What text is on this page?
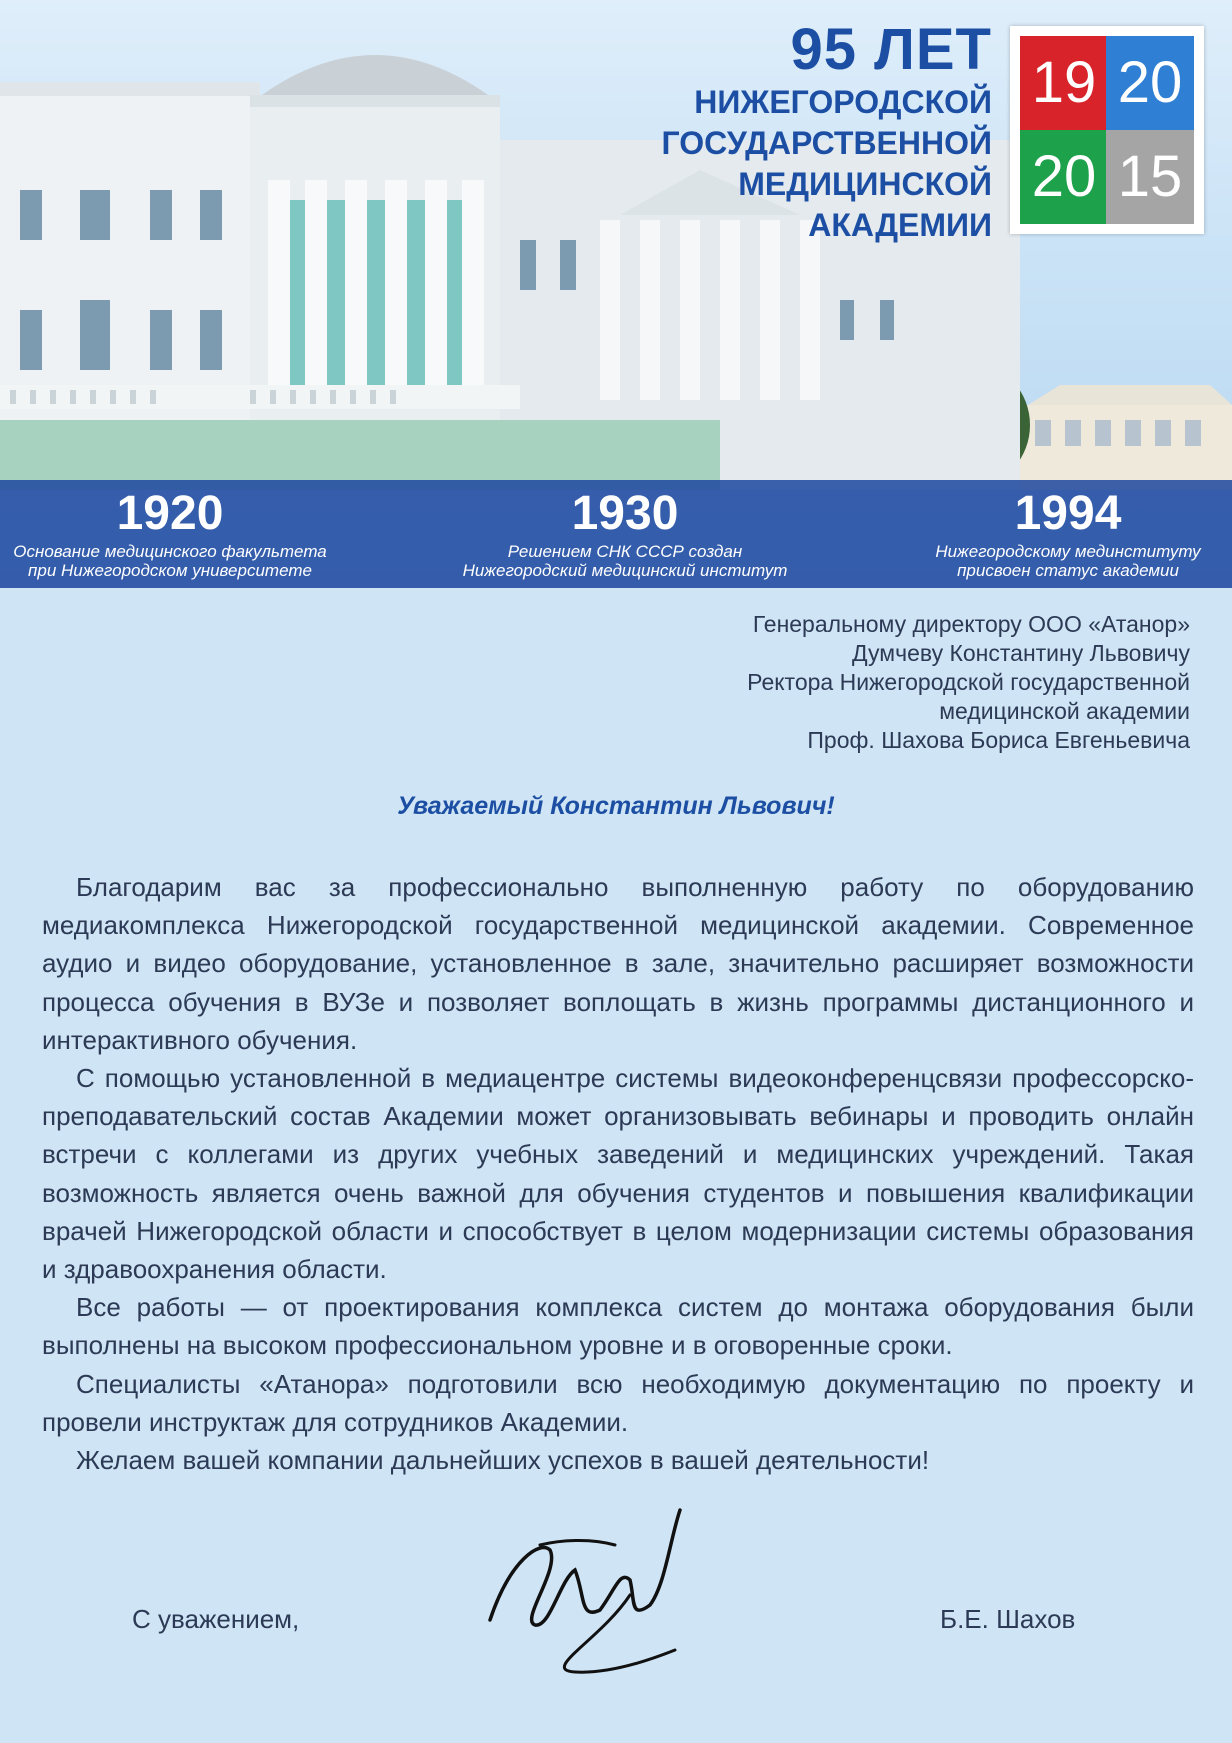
95 ЛЕТ
НИЖЕГОРОДСКОЙ
ГОСУДАРСТВЕННОЙ
МЕДИЦИНСКОЙ
АКАДЕМИИ
19 20
20 15
1920
Основание медицинского факультета
при Нижегородском университете
1930
Решением СНК СССР создан
Нижегородский медицинский институт
1994
Нижегородскому мединституту
присвоен статус академии
Генеральному директору ООО «Атанор»
Думчеву Константину Львовичу
Ректора Нижегородской государственной
медицинской академии
Проф. Шахова Бориса Евгеньевича
Уважаемый Константин Львович!

Благодарим вас за профессионально выполненную работу по оборудованию медиакомплекса Нижегородской государственной медицинской академии. Современное аудио и видео оборудование, установленное в зале, значительно расширяет возможности процесса обучения в ВУЗе и позволяет воплощать в жизнь программы дистанционного и интерактивного обучения.

С помощью установленной в медиацентре системы видеоконференцсвязи профессорско-преподавательский состав Академии может организовывать вебинары и проводить онлайн встречи с коллегами из других учебных заведений и медицинских учреждений. Такая возможность является очень важной для обучения студентов и повышения квалификации врачей Нижегородской области и способствует в целом модернизации системы образования и здравоохранения области.

Все работы — от проектирования комплекса систем до монтажа оборудования были выполнены на высоком профессиональном уровне и в оговоренные сроки.

Специалисты «Атанора» подготовили всю необходимую документацию по проекту и провели инструктаж для сотрудников Академии.

Желаем вашей компании дальнейших успехов в вашей деятельности!

С уважением,	Б.Е. Шахов
